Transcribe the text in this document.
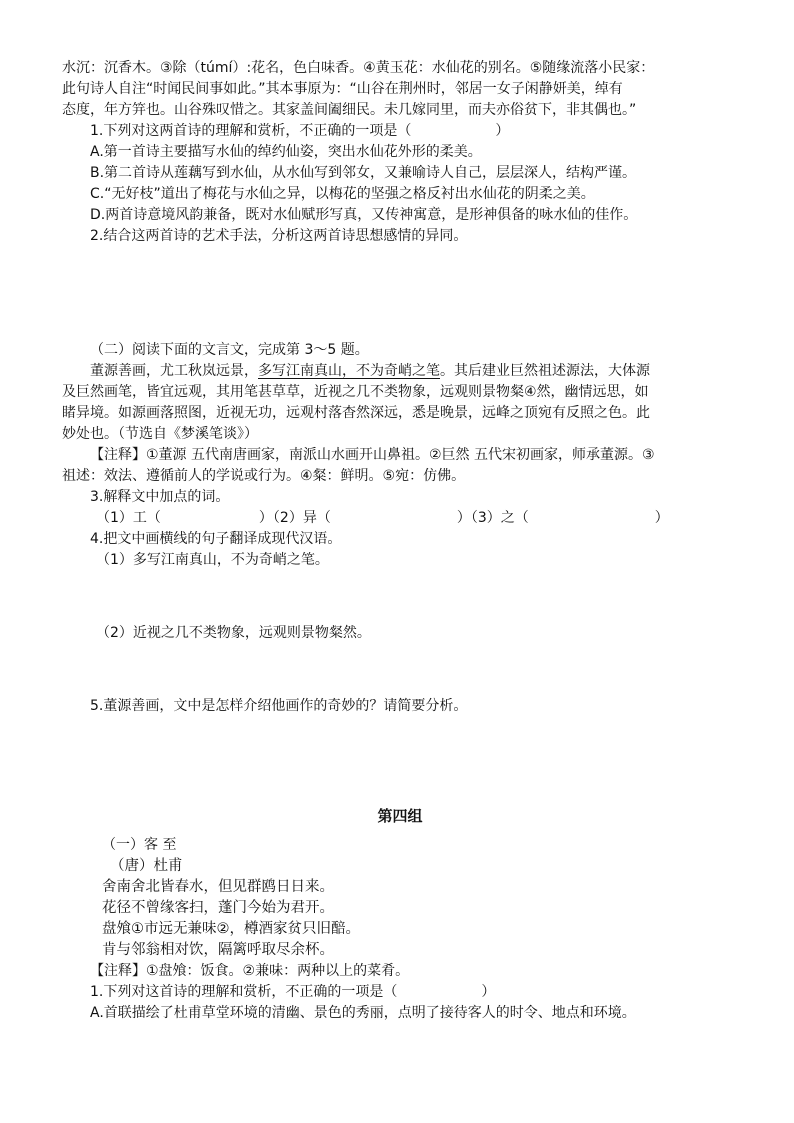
水沉：沉香木。③除（túmí）:花名，色白味香。④黄玉花：水仙花的别名。⑤随缘流落小民家：

此句诗人自注“时闻民间事如此。”其本事原为：“山谷在荆州时，邻居一女子闲静妍美，绰有

态度，年方笄也。山谷殊叹惜之。其家盖间阖细民。未几嫁同里，而夫亦俗贫下，非其偶也。”

1.下列对这两首诗的理解和赏析，不正确的一项是（　　　　　　）

A.第一首诗主要描写水仙的绰约仙姿，突出水仙花外形的柔美。

B.第二首诗从莲藕写到水仙，从水仙写到邻女，又兼喻诗人自己，层层深人，结构严谨。

C.“无好枝”道出了梅花与水仙之异，以梅花的坚强之格反衬出水仙花的阴柔之美。

D.两首诗意境风韵兼备，既对水仙赋形写真，又传神寓意，是形神俱备的咏水仙的佳作。

2.结合这两首诗的艺术手法，分析这两首诗思想感情的异同。

（二）阅读下面的文言文，完成第 3～5 题。

董源善画，尤工秋岚远景，多写江南真山，不为奇峭之笔。其后建业巨然祖述源法，大体源

及巨然画笔，皆宜远观，其用笔甚草草，近视之几不类物象，远观则景物粲④然，幽情远思，如

睹异境。如源画落照图，近视无功，远观村落杳然深远，悉是晚景，远峰之顶宛有反照之色。此

妙处也。（节选自《梦溪笔谈》）

【注释】①董源 五代南唐画家，南派山水画开山鼻祖。②巨然 五代宋初画家，师承董源。③

祖述：效法、遵循前人的学说或行为。④粲：鲜明。⑤宛：仿佛。

3.解释文中加点的词。

（1）工（　　　　　　　）（2）异（　　　　　　　　　）（3）之（　　　　　　　　　）

4.把文中画横线的句子翻译成现代汉语。

（1）多写江南真山，不为奇峭之笔。

（2）近视之几不类物象，远观则景物粲然。

5.董源善画，文中是怎样介绍他画作的奇妙的？请简要分析。

第四组

（一）客 至

（唐）杜甫

舍南舍北皆春水，但见群鸥日日来。

花径不曾缘客扫，蓬门今始为君开。

盘飧①市远无兼味②，樽酒家贫只旧醅。

肯与邻翁相对饮，隔篱呼取尽余杯。

【注释】①盘飧：饭食。②兼味：两种以上的菜肴。

1.下列对这首诗的理解和赏析，不正确的一项是（　　　　　　）

A.首联描绘了杜甫草堂环境的清幽、景色的秀丽，点明了接待客人的时令、地点和环境。
